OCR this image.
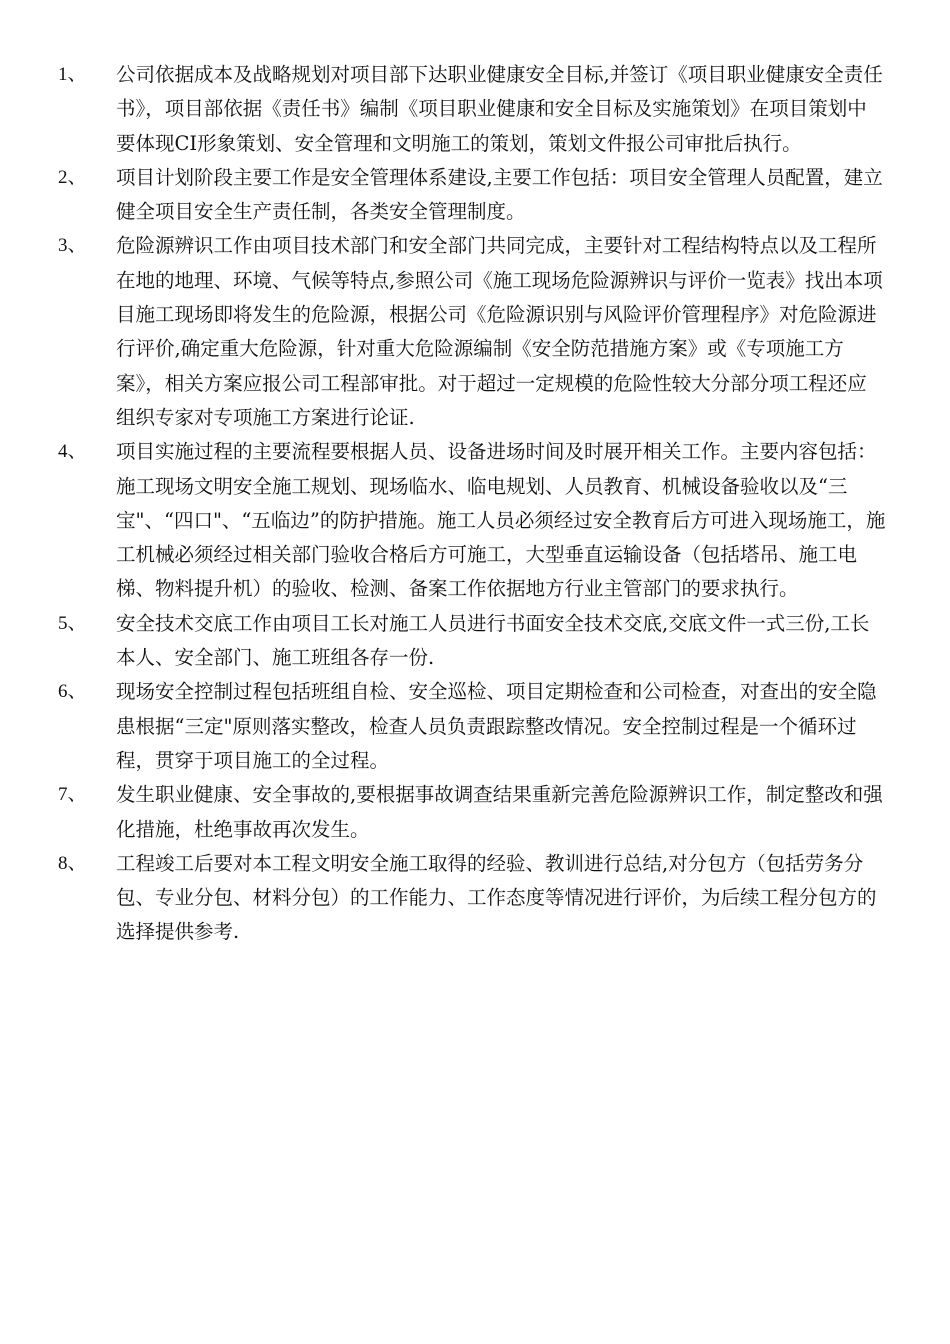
1、	公司依据成本及战略规划对项目部下达职业健康安全目标,并签订《项目职业健康安全责任书》，项目部依据《责任书》编制《项目职业健康和安全目标及实施策划》在项目策划中要体现CI形象策划、安全管理和文明施工的策划，策划文件报公司审批后执行。
2、	项目计划阶段主要工作是安全管理体系建设,主要工作包括：项目安全管理人员配置，建立健全项目安全生产责任制，各类安全管理制度。
3、	危险源辨识工作由项目技术部门和安全部门共同完成，主要针对工程结构特点以及工程所在地的地理、环境、气候等特点,参照公司《施工现场危险源辨识与评价一览表》找出本项目施工现场即将发生的危险源，根据公司《危险源识别与风险评价管理程序》对危险源进行评价,确定重大危险源，针对重大危险源编制《安全防范措施方案》或《专项施工方案》，相关方案应报公司工程部审批。对于超过一定规模的危险性较大分部分项工程还应组织专家对专项施工方案进行论证.
4、	项目实施过程的主要流程要根据人员、设备进场时间及时展开相关工作。主要内容包括：施工现场文明安全施工规划、现场临水、临电规划、人员教育、机械设备验收以及“三宝"、“四口"、“五临边”的防护措施。施工人员必须经过安全教育后方可进入现场施工，施工机械必须经过相关部门验收合格后方可施工，大型垂直运输设备（包括塔吊、施工电梯、物料提升机）的验收、检测、备案工作依据地方行业主管部门的要求执行。
5、	安全技术交底工作由项目工长对施工人员进行书面安全技术交底,交底文件一式三份,工长本人、安全部门、施工班组各存一份.
6、	现场安全控制过程包括班组自检、安全巡检、项目定期检查和公司检查，对查出的安全隐患根据“三定"原则落实整改，检查人员负责跟踪整改情况。安全控制过程是一个循环过程，贯穿于项目施工的全过程。
7、	发生职业健康、安全事故的,要根据事故调查结果重新完善危险源辨识工作，制定整改和强化措施，杜绝事故再次发生。
8、	工程竣工后要对本工程文明安全施工取得的经验、教训进行总结,对分包方（包括劳务分包、专业分包、材料分包）的工作能力、工作态度等情况进行评价，为后续工程分包方的选择提供参考.
